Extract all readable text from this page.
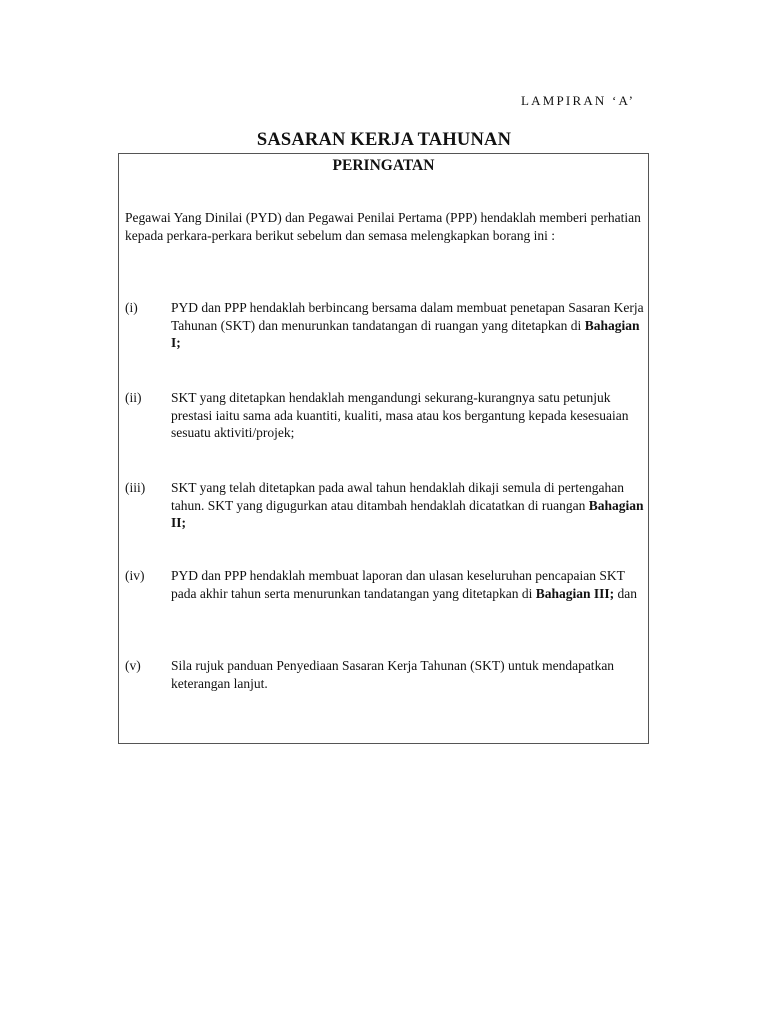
LAMPIRAN ‘A’
SASARAN KERJA TAHUNAN
PERINGATAN
Pegawai Yang Dinilai (PYD) dan Pegawai Penilai Pertama (PPP) hendaklah memberi perhatian kepada perkara-perkara berikut sebelum dan semasa melengkapkan borang ini :
(i) PYD dan PPP hendaklah berbincang bersama dalam membuat penetapan Sasaran Kerja Tahunan (SKT) dan menurunkan tandatangan di ruangan yang ditetapkan di Bahagian I;
(ii) SKT yang ditetapkan hendaklah mengandungi sekurang-kurangnya satu petunjuk prestasi iaitu sama ada kuantiti, kualiti, masa atau kos bergantung kepada kesesuaian sesuatu aktiviti/projek;
(iii) SKT yang telah ditetapkan pada awal tahun hendaklah dikaji semula di pertengahan tahun. SKT yang digugurkan atau ditambah hendaklah dicatatkan di ruangan Bahagian II;
(iv) PYD dan PPP hendaklah membuat laporan dan ulasan keseluruhan pencapaian SKT pada akhir tahun serta menurunkan tandatangan yang ditetapkan di Bahagian III; dan
(v) Sila rujuk panduan Penyediaan Sasaran Kerja Tahunan (SKT) untuk mendapatkan keterangan lanjut.
